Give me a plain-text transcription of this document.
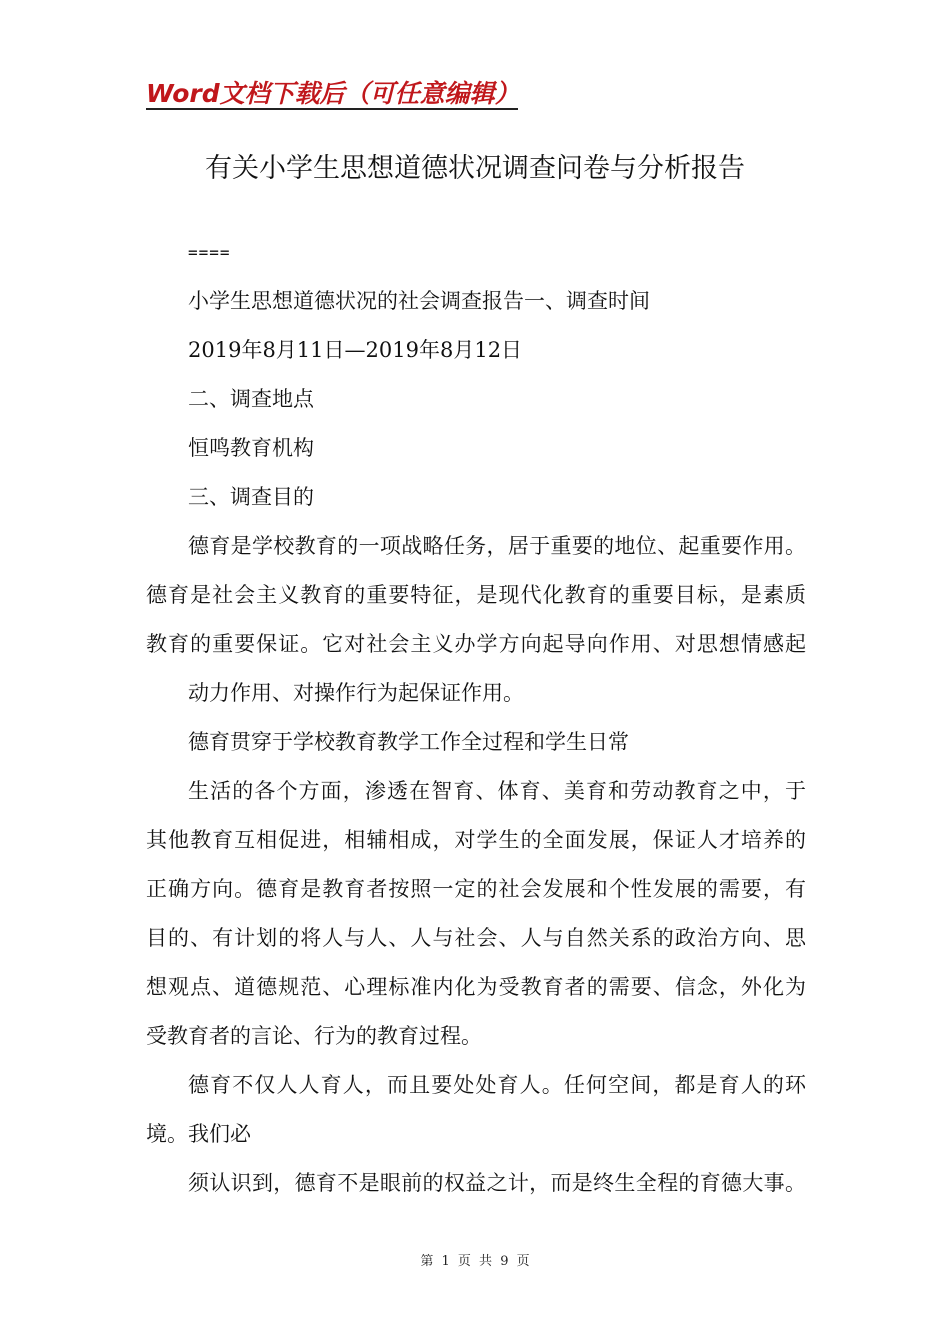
Word文档下载后（可任意编辑）
有关小学生思想道德状况调查问卷与分析报告

====

小学生思想道德状况的社会调查报告一、调查时间

2019年8月11日—2019年8月12日

二、调查地点

恒鸣教育机构

三、调查目的

德育是学校教育的一项战略任务，居于重要的地位、起重要作用。

德育是社会主义教育的重要特征，是现代化教育的重要目标，是素质

教育的重要保证。它对社会主义办学方向起导向作用、对思想情感起

动力作用、对操作行为起保证作用。

德育贯穿于学校教育教学工作全过程和学生日常

生活的各个方面，渗透在智育、体育、美育和劳动教育之中，于

其他教育互相促进，相辅相成，对学生的全面发展，保证人才培养的

正确方向。德育是教育者按照一定的社会发展和个性发展的需要，有

目的、有计划的将人与人、人与社会、人与自然关系的政治方向、思

想观点、道德规范、心理标准内化为受教育者的需要、信念，外化为

受教育者的言论、行为的教育过程。

德育不仅人人育人，而且要处处育人。任何空间，都是育人的环

境。我们必

须认识到，德育不是眼前的权益之计，而是终生全程的育德大事。

第 1 页 共 9 页
